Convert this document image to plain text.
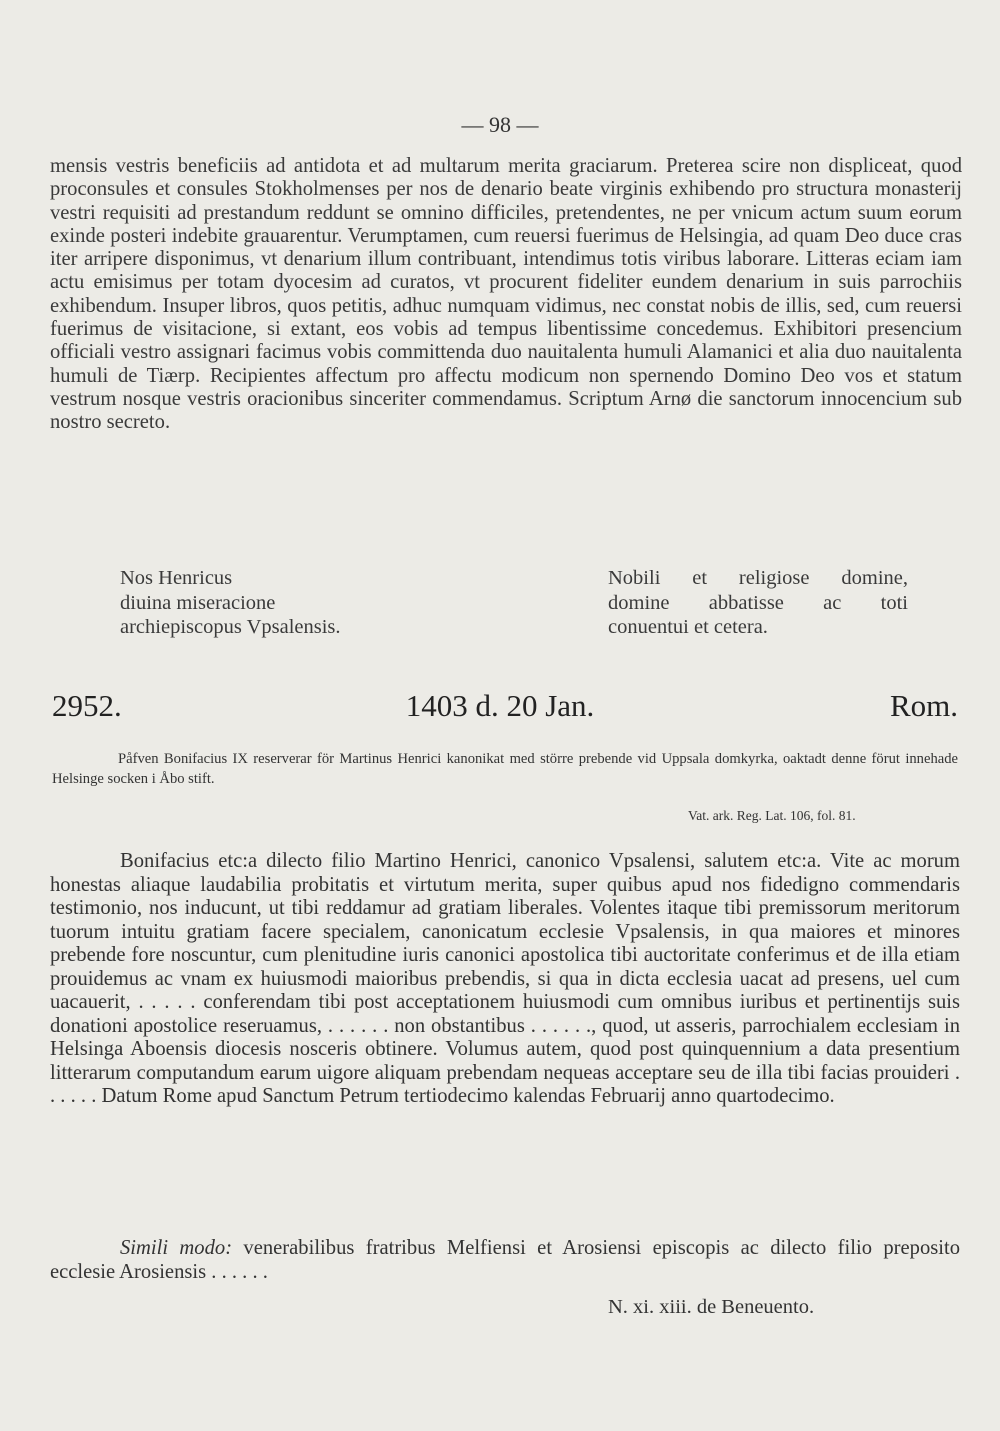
— 98 —
mensis vestris beneficiis ad antidota et ad multarum merita graciarum. Preterea scire non displiceat, quod proconsules et consules Stokholmenses per nos de denario beate virginis exhibendo pro structura monasterij vestri requisiti ad prestandum reddunt se omnino difficiles, pretendentes, ne per vnicum actum suum eorum exinde posteri indebite grauarentur. Verumptamen, cum reuersi fuerimus de Helsingia, ad quam Deo duce cras iter arripere disponimus, vt denarium illum contribuant, intendimus totis viribus laborare. Litteras eciam iam actu emisimus per totam dyocesim ad curatos, vt procurent fideliter eundem denarium in suis parrochiis exhibendum. Insuper libros, quos petitis, adhuc numquam vidimus, nec constat nobis de illis, sed, cum reuersi fuerimus de visitacione, si extant, eos vobis ad tempus libentissime concedemus. Exhibitori presencium officiali vestro assignari facimus vobis committenda duo nauitalenta humuli Alamanici et alia duo nauitalenta humuli de Tiærp. Recipientes affectum pro affectu modicum non spernendo Domino Deo vos et statum vestrum nosque vestris oracionibus sinceriter commendamus. Scriptum Arnø die sanctorum innocencium sub nostro secreto.
Nos Henricus
diuina miseracione
archiepiscopus Vpsalensis.
Nobili et religiose domine,
domine abbatisse ac toti
conuentui et cetera.
2952.	1403 d. 20 Jan.	Rom.
Påfven Bonifacius IX reserverar för Martinus Henrici kanonikat med större prebende vid Uppsala domkyrka, oaktadt denne förut innehade Helsinge socken i Åbo stift.
Vat. ark. Reg. Lat. 106, fol. 81.
Bonifacius etc:a dilecto filio Martino Henrici, canonico Vpsalensi, salutem etc:a. Vite ac morum honestas aliaque laudabilia probitatis et virtutum merita, super quibus apud nos fidedigno commendaris testimonio, nos inducunt, ut tibi reddamur ad gratiam liberales. Volentes itaque tibi premissorum meritorum tuorum intuitu gratiam facere specialem, canonicatum ecclesie Vpsalensis, in qua maiores et minores prebende fore noscuntur, cum plenitudine iuris canonici apostolica tibi auctoritate conferimus et de illa etiam prouidemus ac vnam ex huiusmodi maioribus prebendis, si qua in dicta ecclesia uacat ad presens, uel cum uacauerit, . . . . . conferendam tibi post acceptationem huiusmodi cum omnibus iuribus et pertinentijs suis donationi apostolice reseruamus, . . . . . . non obstantibus . . . . . ., quod, ut asseris, parrochialem ecclesiam in Helsinga Aboensis diocesis nosceris obtinere. Volumus autem, quod post quinquennium a data presentium litterarum computandum earum uigore aliquam prebendam nequeas acceptare seu de illa tibi facias prouideri . . . . . . Datum Rome apud Sanctum Petrum tertiodecimo kalendas Februarij anno quartodecimo.
Simili modo: venerabilibus fratribus Melfiensi et Arosiensi episcopis ac dilecto filio preposito ecclesie Arosiensis . . . . . .
N. xi. xiii. de Beneuento.
